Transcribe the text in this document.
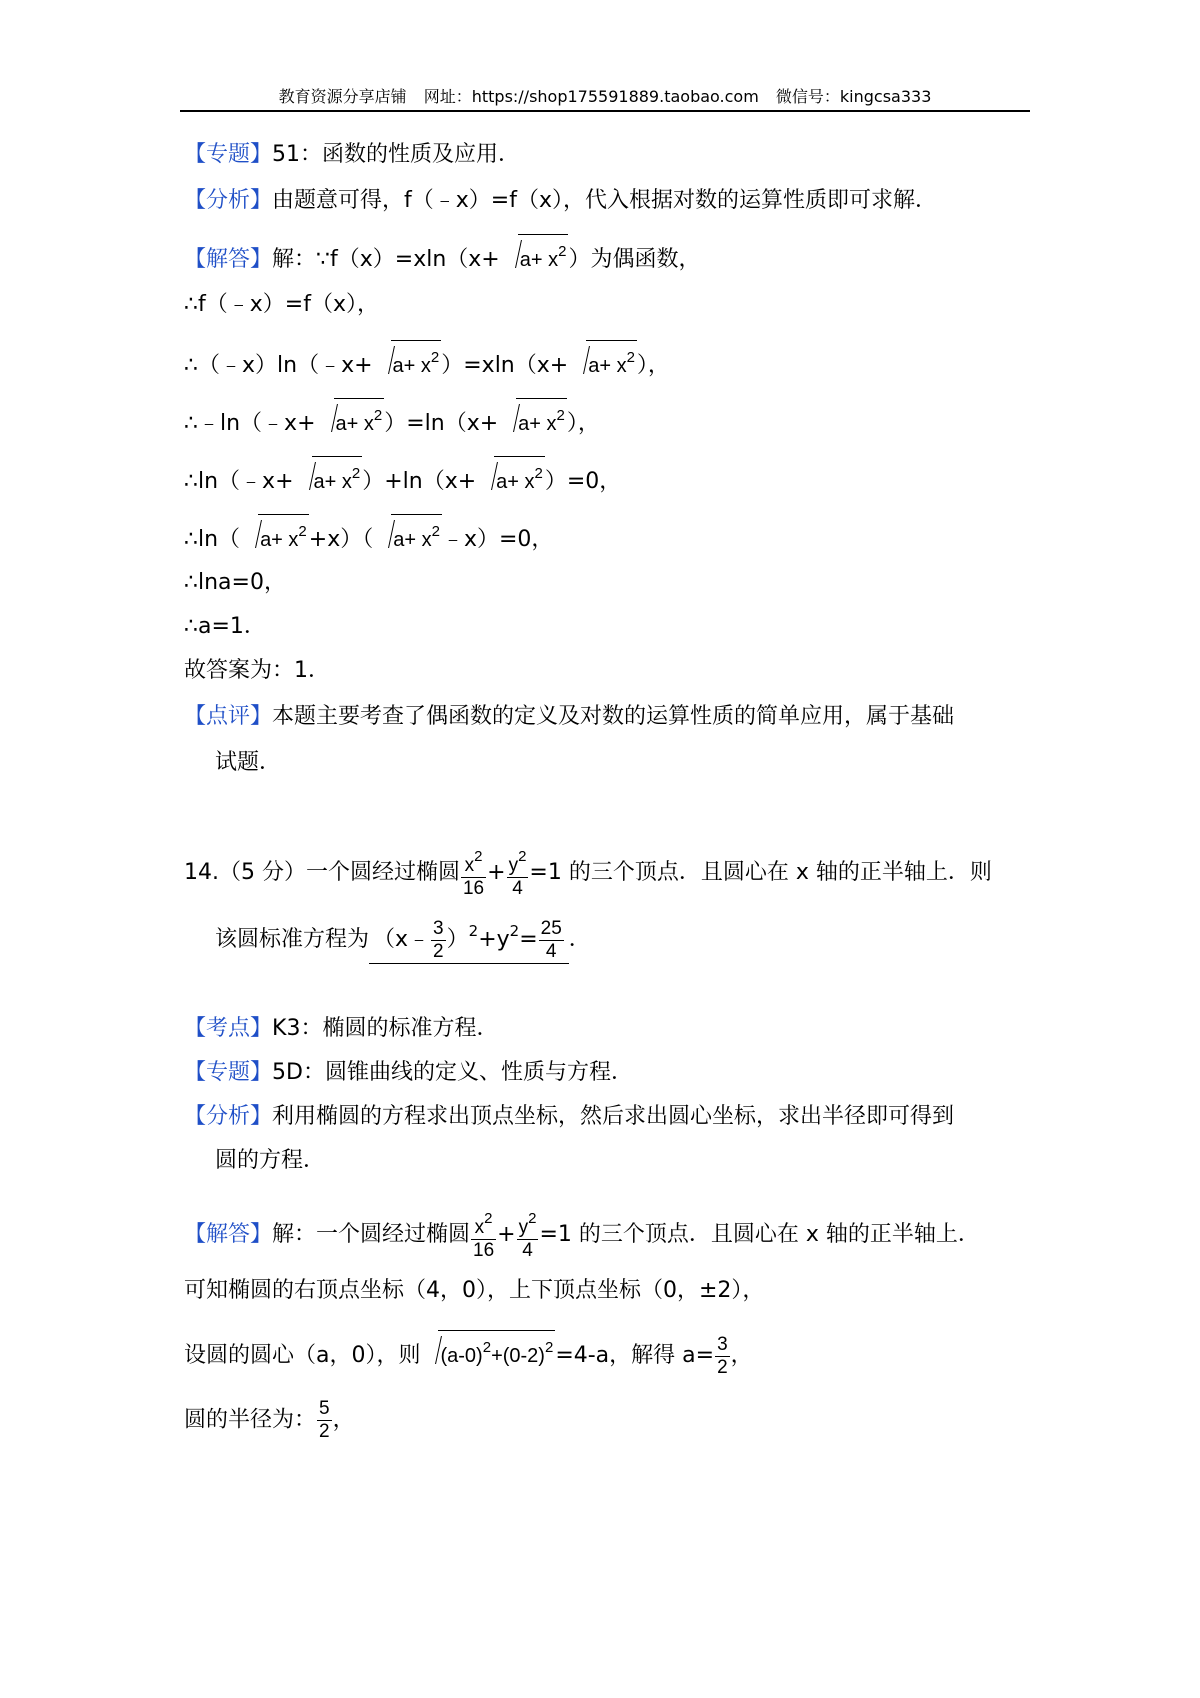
教育资源分享店铺 网址：https://shop175591889.taobao.com 微信号：kingcsa333
【专题】51：函数的性质及应用．
【分析】由题意可得，f（﹣x）=f（x），代入根据对数的运算性质即可求解．
【解答】解：∵f（x）=xln（x+ $a+ x^2$）为偶函数，
∴f（﹣x）=f（x），
∴（﹣x）ln（﹣x+ $a+ x^2)=xln(x+ a+ x^2)$，
∴﹣ln（﹣x+ $a+ x^2)=\ln(x+ a+ x^2)$，
∴ln（﹣x+ $a+ x^2)+\ln(x+ a+ x^2)=0$，
∴ln（ $a+ x^2+x$）（ $a+ x^2﹣x)=0$，
∴lna=0，
∴a=1．
故答案为：1．
【点评】本题主要考查了偶函数的定义及对数的运算性质的简单应用，属于基础
试题．
14.（5 分）一个圆经过椭圆 $\frac{x^2}{16} + \frac{y^2}{4} =1$ 的三个顶点．且圆心在 x 轴的正半轴上．则
该圆标准方程为 （x﹣ $\frac{3}{2} )^2+y^2= \frac{25}{4}$ ．
【考点】K3：椭圆的标准方程．
【专题】5D：圆锥曲线的定义、性质与方程．
【分析】利用椭圆的方程求出顶点坐标，然后求出圆心坐标，求出半径即可得到
圆的方程．
【解答】解：一个圆经过椭圆 $\frac{x^2}{16} + \frac{y^2}{4} =1$ 的三个顶点．且圆心在 x 轴的正半轴上．
可知椭圆的右顶点坐标（4，0），上下顶点坐标（0，±2），
设圆的圆心（a，0），则 $(a-0)^2+(0-2)^2=4-a$，解得 $a= \frac{3}{2}$ ，
圆的半径为： $\frac{5}{2}$ ，
